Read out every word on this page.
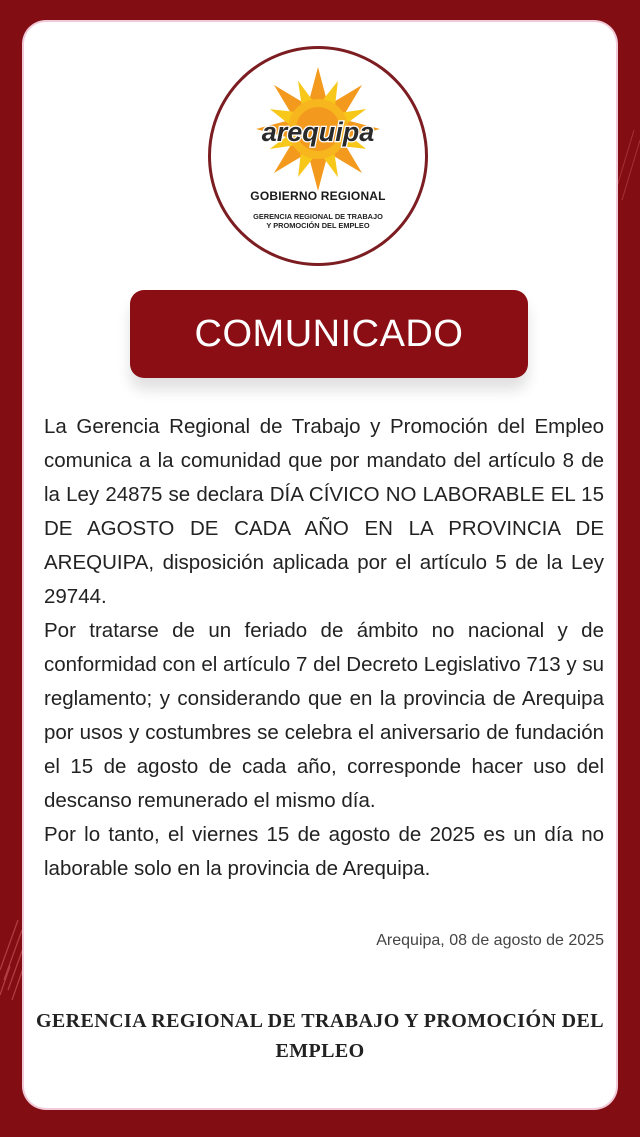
arequipa
GOBIERNO REGIONAL
GERENCIA REGIONAL DE TRABAJO
Y PROMOCIÓN DEL EMPLEO
COMUNICADO

La Gerencia Regional de Trabajo y Promoción del Empleo comunica a la comunidad que por mandato del artículo 8 de la Ley 24875 se declara DÍA CÍVICO NO LABORABLE EL 15 DE AGOSTO DE CADA AÑO EN LA PROVINCIA DE AREQUIPA, disposición aplicada por el artículo 5 de la Ley 29744.

Por tratarse de un feriado de ámbito no nacional y de conformidad con el artículo 7 del Decreto Legislativo 713 y su reglamento; y considerando que en la provincia de Arequipa por usos y costumbres se celebra el aniversario de fundación el 15 de agosto de cada año, corresponde hacer uso del descanso remunerado el mismo día.

Por lo tanto, el viernes 15 de agosto de 2025 es un día no laborable solo en la provincia de Arequipa.

Arequipa, 08 de agosto de 2025
GERENCIA REGIONAL DE TRABAJO Y PROMOCIÓN DEL EMPLEO
